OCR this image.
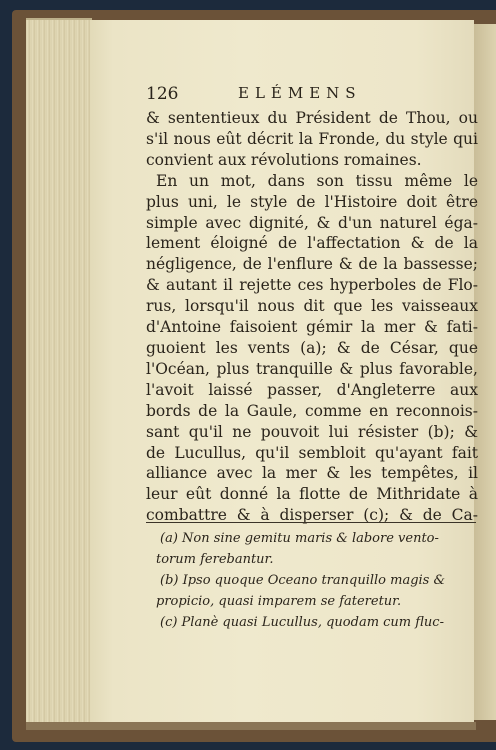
126	ELÉMENS
& sententieux du Président de Thou, ou
s'il nous eût décrit la Fronde, du style qui
convient aux révolutions romaines.
En un mot, dans son tissu même le
plus uni, le style de l'Histoire doit être
simple avec dignité, & d'un naturel éga-
lement éloigné de l'affectation & de la
négligence, de l'enflure & de la bassesse;
& autant il rejette ces hyperboles de Flo-
rus, lorsqu'il nous dit que les vaisseaux
d'Antoine faisoient gémir la mer & fati-
guoient les vents (a); & de César, que
l'Océan, plus tranquille & plus favorable,
l'avoit laissé passer, d'Angleterre aux
bords de la Gaule, comme en reconnois-
sant qu'il ne pouvoit lui résister (b); &
de Lucullus, qu'il sembloit qu'ayant fait
alliance avec la mer & les tempêtes, il
leur eût donné la flotte de Mithridate à
combattre & à disperser (c); & de Ca-
(a) Non sine gemitu maris & labore vento-
torum ferebantur.
(b) Ipso quoque Oceano tranquillo magis &
propicio, quasi imparem se fateretur.
(c) Planè quasi Lucullus, quodam cum fluc-
